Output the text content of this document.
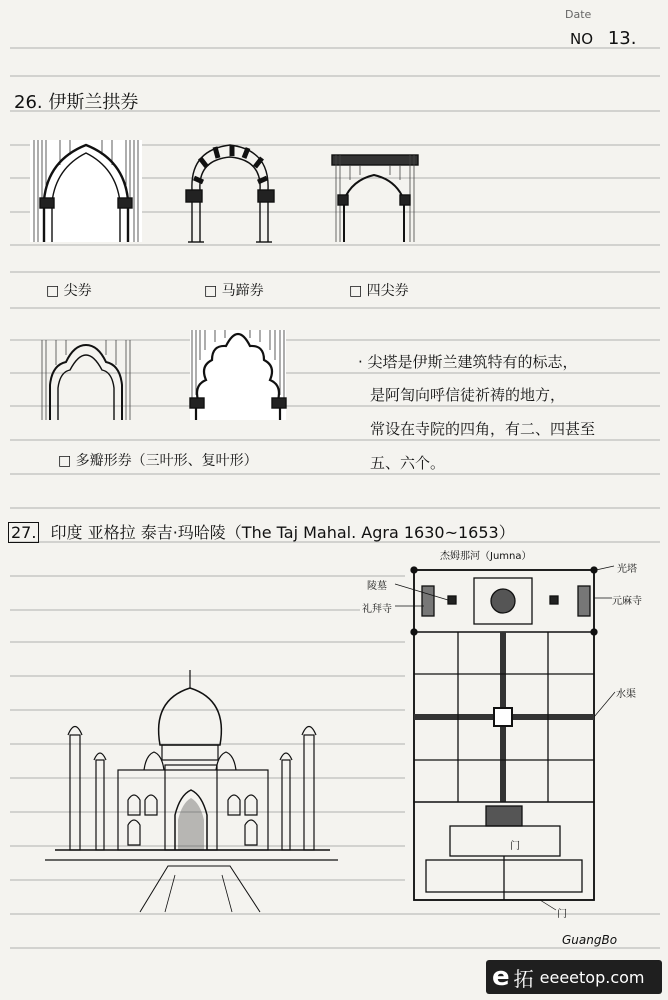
Date
NO 13.
26. 伊斯兰拱券
□ 尖券	□ 马蹄券	□ 四尖券
□ 多瓣形券（三叶形、复叶形）
· 尖塔是伊斯兰建筑特有的标志，
是阿訇向呼信徒祈祷的地方，
常设在寺院的四角，有二、四甚至
五、六个。
27. 印度 亚格拉 泰吉·玛哈陵（The Taj Mahal. Agra 1630~1653）
杰姆那河（Jumna）
陵墓
礼拜寺
光塔
元麻寺
水渠
门
门
GuangBo
e 拓 eeeetop.com
